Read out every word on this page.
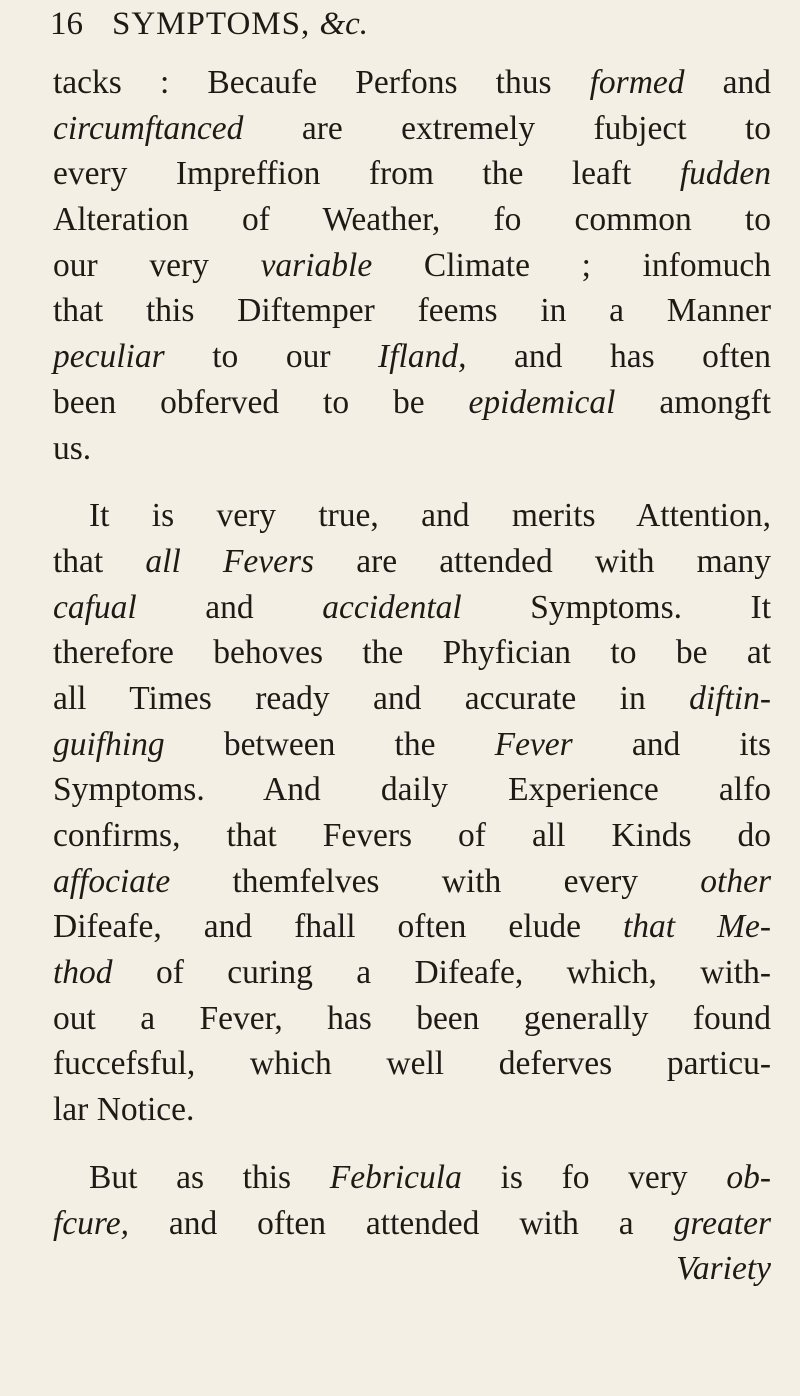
16 SYMPTOMS, &c.
tacks : Becaufe Perfons thus formed and
circumftanced are extremely fubject to
every Impreffion from the leaft fudden
Alteration of Weather, fo common to
our very variable Climate ; infomuch
that this Diftemper feems in a Manner
peculiar to our Ifland, and has often
been obferved to be epidemical amongft
us.
It is very true, and merits Attention,
that all Fevers are attended with many
cafual and accidental Symptoms. It
therefore behoves the Phyfician to be at
all Times ready and accurate in diftin-
guifhing between the Fever and its
Symptoms. And daily Experience alfo
confirms, that Fevers of all Kinds do
affociate themfelves with every other
Difeafe, and fhall often elude that Me-
thod of curing a Difeafe, which, with-
out a Fever, has been generally found
fuccefsful, which well deferves particu-
lar Notice.
But as this Febricula is fo very ob-
fcure, and often attended with a greater
Variety
